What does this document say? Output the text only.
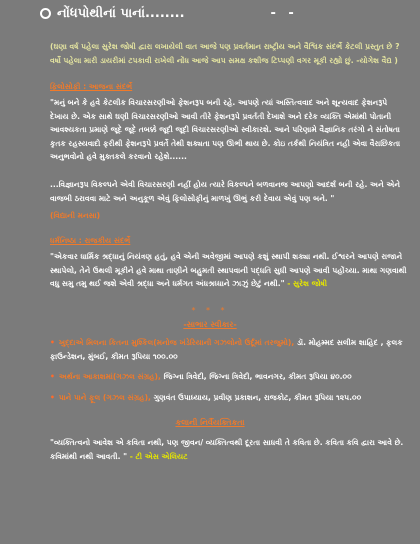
નોંધપોથીનાં પાનાં........	- -
(ઘણા વર્ષ પહેલા સુરેશ જોષી દ્વારા લખાયેલી વાત આજે પણ પ્રવર્તમાન રાષ્ટ્રીય અને વૈશ્વિક સંદર્ભે કેટલી પ્રસ્તુત છે ? વર્ષો પહેલા મારી ડાયરીમાં ટપકાવી રાખેલી નોંધ આજે આપ સમક્ષ કશીજ ટિપ્પણી વગર મૂકી રહ્યો છું. -યોગેશ વૈદ્ય )
ફિલોસોફી : આજના સંદર્ભે
"મનું બને કે હવે કેટલીક વિચારસરણીઓ ફેશનરૂપ બની રહે. આપણે ત્યાં અસ્તિત્વવાદ અને શૂન્યવાદ ફેશનરૂપે દેખાય છે. એક સાથે ઘણી વિચારસરણીઓ આવી તીરે ફેશનરૂપે પ્રવર્તતી દેખાશે અને દરેક વ્યક્તિ એમાંથી પોતાની આવશ્યકતા પ્રમાણે જૂદે જૂદે તબક્કે જૂદી જૂદી વિચારસરણીઓ સ્વીકારશે. આને પરિણામે વૈજ્ઞાનિક તરંગો ને સંતોષતા કૃતક રહસ્યવાદો ફરીથી ફેશનરૂપે પ્રવર્તે તેથી શક્યતા પણ ઊભી થાય છે. કોઇ તર્કથી નિયંત્રિત નહી એવા વૈરાછિકતા અનુભવોનો હવે મુક્તકલે કરવાનો રહેશે......
...વિજ્ઞાનરૂપ વિકલ્પને એવી વિચારસરણી નહીં હોય ત્યારે વિકલ્પને બળવાનજ આપણો આદર્શ બની રહે. અને એને વાજબી ઠરાવવા માટે અને અનુકૂળ એવું ફિલોસોફીનું માળખું ઊભું કરી દેવાય એવું પણ બને. "
(વિદ્યાની મનસા)
ધર્મનિષ્ઠા : રાજકીય સંદર્ભે
"એકવાર ધાર્મિક શ્રદ્ધાનું નિયંત્રણ હતું, હવે એની અવેજીમાં આપણે કશું સ્થાપી શક્યા નથી. ઈશ્વરને આપણે રાજાને સ્થાપેલો, તેને ઉથલી મૂકીને હવે માથા તાણીને બહુમતી સ્થાપવાની પદ્ધતિ સુધી આપણે આવી પહોંચ્યા. માથા ગણવાથી વધુ સમુ તમુ થઈ જશે એવી શ્રદ્ધા અને ધર્મગત અંધશ્રધ્ધાને ઝાઝું છેટું નથી." - સુરેશ જોષી
* * *
-સાભાર સ્વીકાર-
• ખુદ્દાએ મિલના કિતના મુશ્કિલ(મનોજ ખંડેરિયાની ગઝલોનો ઉર્દૂમાં તરજુમો), ડૉ. મોહમ્મદ સલીમ શાહિદ , ફલક ફાઉન્ડેશન, મુંબઈ, કીમત રૂપિયા ૧૦૦.૦૦
• અર્થના આકાશમાં(ગઝલ સંગ્રહ), જિગ્ના ત્રિવેદી, જિગ્ના ત્રિવેદી, ભાવનગર, કીમત રૂપિયા ૪૦.૦૦
• પાને પાને ફૂલ (ગઝલ સંગ્રહ), ગુણવંત ઉપાધ્યાય, પ્રવીણ પ્રકાશન, રાજકોટ, કીમત રૂપિયા ૧૨૫.૦૦
કલાની નિર્વૈયક્તિકતા
"વ્યક્તિત્વનો આવેશ એ કવિતા નથી, પણ જીવન/ વ્યક્તિત્વથી દૂરતા સાધવી તે કવિતા છે. કવિતા કવિ દ્વારા આવે છે. કવિમાંથી નથી આવતી. " - ટી એસ એલિયટ
